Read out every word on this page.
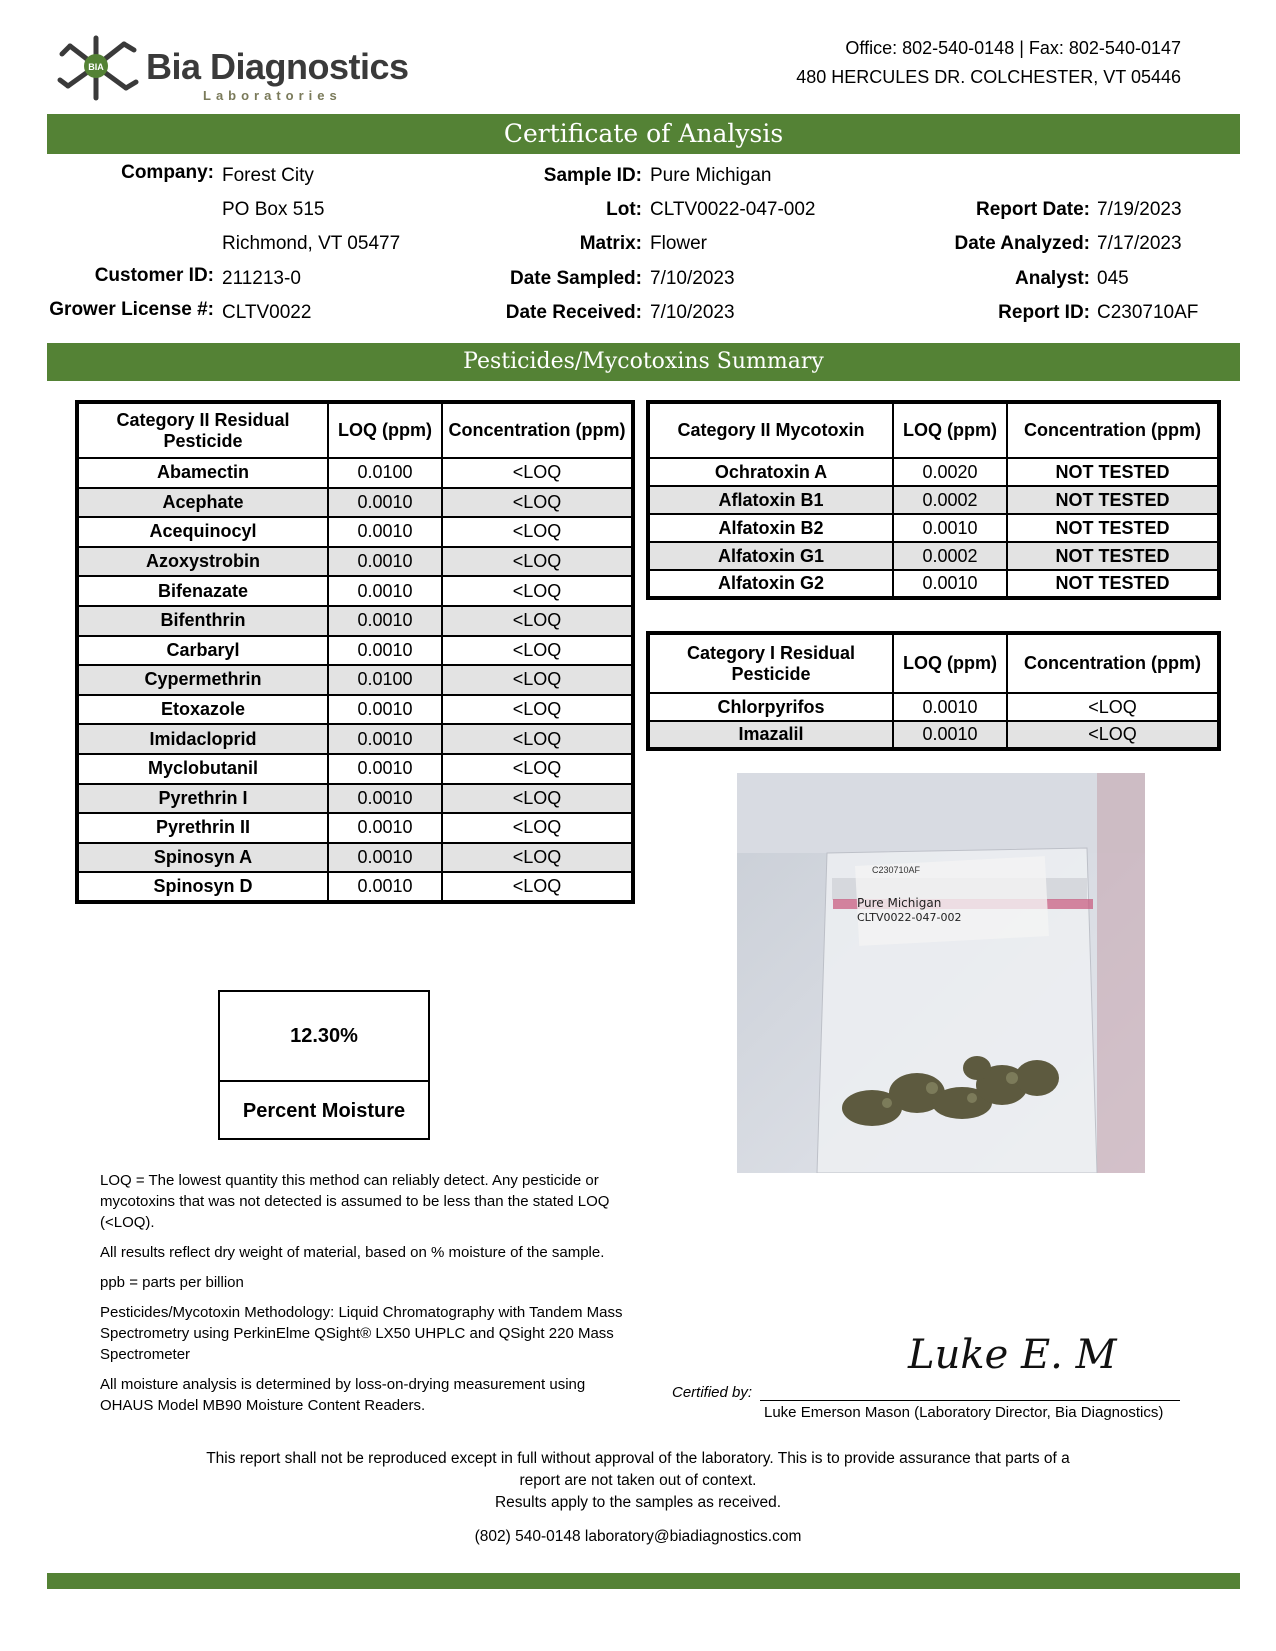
BIA Bia Diagnostics
Laboratories
Office: 802-540-0148 | Fax: 802-540-0147
480 HERCULES DR. COLCHESTER, VT 05446
Certificate of Analysis
Company: Forest City
PO Box 515
Richmond, VT 05477
Customer ID: 211213-0
Grower License #: CLTV0022
Sample ID: Pure Michigan
Lot: CLTV0022-047-002
Matrix: Flower
Date Sampled: 7/10/2023
Date Received: 7/10/2023
Report Date: 7/19/2023
Date Analyzed: 7/17/2023
Analyst: 045
Report ID: C230710AF
Pesticides/Mycotoxins Summary
Category II Residual Pesticide	LOQ (ppm)	Concentration (ppm)
Abamectin	0.0100	<LOQ
Acephate	0.0010	<LOQ
Acequinocyl	0.0010	<LOQ
Azoxystrobin	0.0010	<LOQ
Bifenazate	0.0010	<LOQ
Bifenthrin	0.0010	<LOQ
Carbaryl	0.0010	<LOQ
Cypermethrin	0.0100	<LOQ
Etoxazole	0.0010	<LOQ
Imidacloprid	0.0010	<LOQ
Myclobutanil	0.0010	<LOQ
Pyrethrin I	0.0010	<LOQ
Pyrethrin II	0.0010	<LOQ
Spinosyn A	0.0010	<LOQ
Spinosyn D	0.0010	<LOQ
Category II Mycotoxin	LOQ (ppm)	Concentration (ppm)
Ochratoxin A	0.0020	NOT TESTED
Aflatoxin B1	0.0002	NOT TESTED
Alfatoxin B2	0.0010	NOT TESTED
Alfatoxin G1	0.0002	NOT TESTED
Alfatoxin G2	0.0010	NOT TESTED
Category I Residual Pesticide	LOQ (ppm)	Concentration (ppm)
Chlorpyrifos	0.0010	<LOQ
Imazalil	0.0010	<LOQ
C230710AF
Pure Michigan
CLTV0022-047-002
12.30%
Percent Moisture

LOQ = The lowest quantity this method can reliably detect. Any pesticide or mycotoxins that was not detected is assumed to be less than the stated LOQ (<LOQ).

All results reflect dry weight of material, based on % moisture of the sample.

ppb = parts per billion

Pesticides/Mycotoxin Methodology: Liquid Chromatography with Tandem Mass Spectrometry using PerkinElme QSight® LX50 UHPLC and QSight 220 Mass Spectrometer

All moisture analysis is determined by loss-on-drying measurement using OHAUS Model MB90 Moisture Content Readers.

Certified by:
Luke E. M
Luke Emerson Mason (Laboratory Director, Bia Diagnostics)
This report shall not be reproduced except in full without approval of the laboratory. This is to provide assurance that parts of a
report are not taken out of context.
Results apply to the samples as received.
(802) 540-0148 laboratory@biadiagnostics.com
